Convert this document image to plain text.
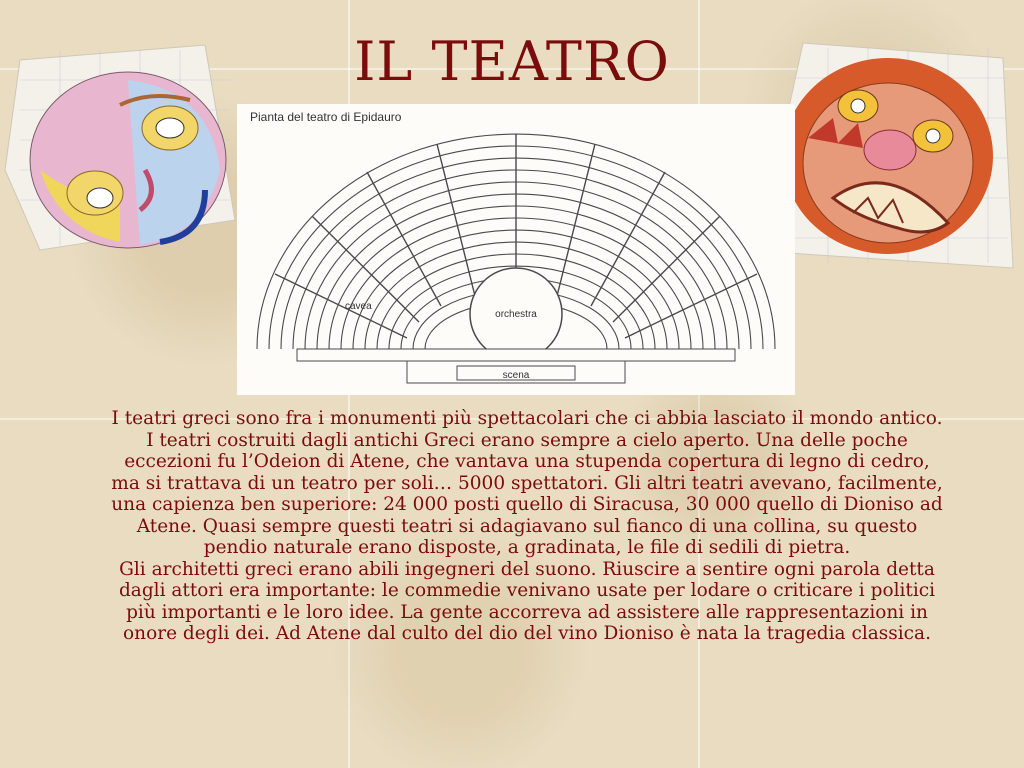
IL TEATRO
Pianta del teatro di Epidauro
cavea
orchestra
scena

I teatri greci sono fra i monumenti più spettacolari che ci abbia lasciato il mondo antico.

I teatri costruiti dagli antichi Greci erano sempre a cielo aperto. Una delle poche eccezioni fu l’Odeion di Atene, che vantava una stupenda copertura di legno di cedro, ma si trattava di un teatro per soli… 5000 spettatori. Gli altri teatri avevano, facilmente, una capienza ben superiore: 24 000 posti quello di Siracusa, 30 000 quello di Dioniso ad Atene. Quasi sempre questi teatri si adagiavano sul fianco di una collina, su questo pendio naturale erano disposte, a gradinata, le file di sedili di pietra.

Gli architetti greci erano abili ingegneri del suono. Riuscire a sentire ogni parola detta dagli attori era importante: le commedie venivano usate per lodare o criticare i politici più importanti e le loro idee. La gente accorreva ad assistere alle rappresentazioni in onore degli dei. Ad Atene dal culto del dio del vino Dioniso è nata la tragedia classica.
